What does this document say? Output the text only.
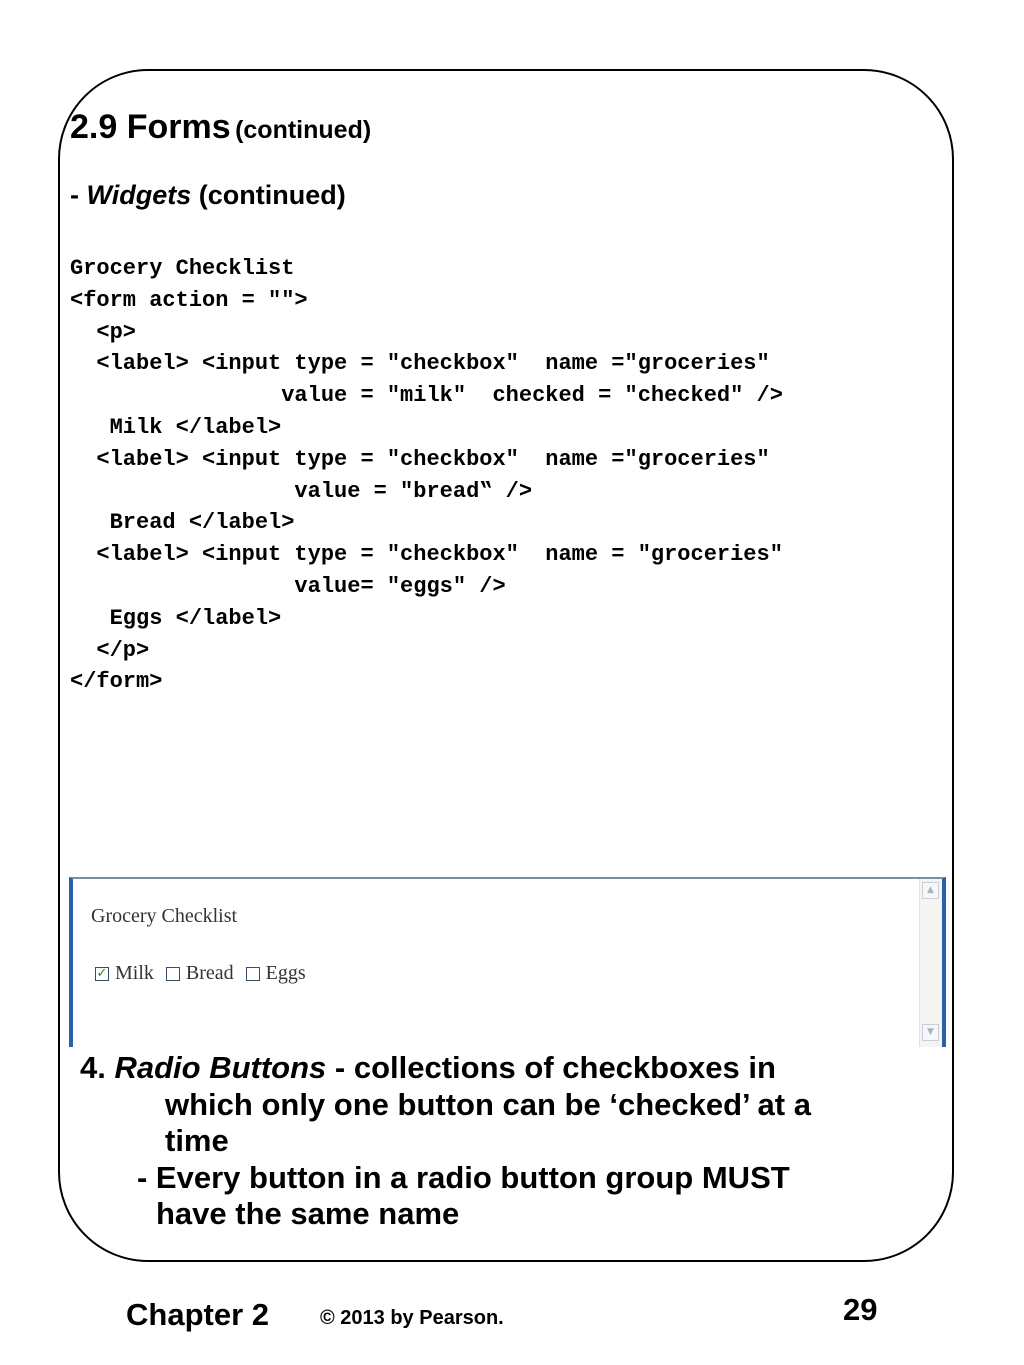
2.9 Forms (continued)
- Widgets (continued)
Grocery Checklist
<form action = "">
<p>
<label> <input type = "checkbox"  name ="groceries"
value = "milk"  checked = "checked" />
Milk </label>
<label> <input type = "checkbox"  name ="groceries"
value = "bread‟ />
Bread </label>
<label> <input type = "checkbox"  name = "groceries"
value= "eggs" />
Eggs </label>
</p>
</form>
Grocery Checklist
✓ Milk Bread Eggs
▲
▼
4. Radio Buttons - collections of checkboxes in
which only one button can be ‘checked’ at a
time
- Every button in a radio button group MUST
have the same name
Chapter 2	© 2013 by Pearson.	29
